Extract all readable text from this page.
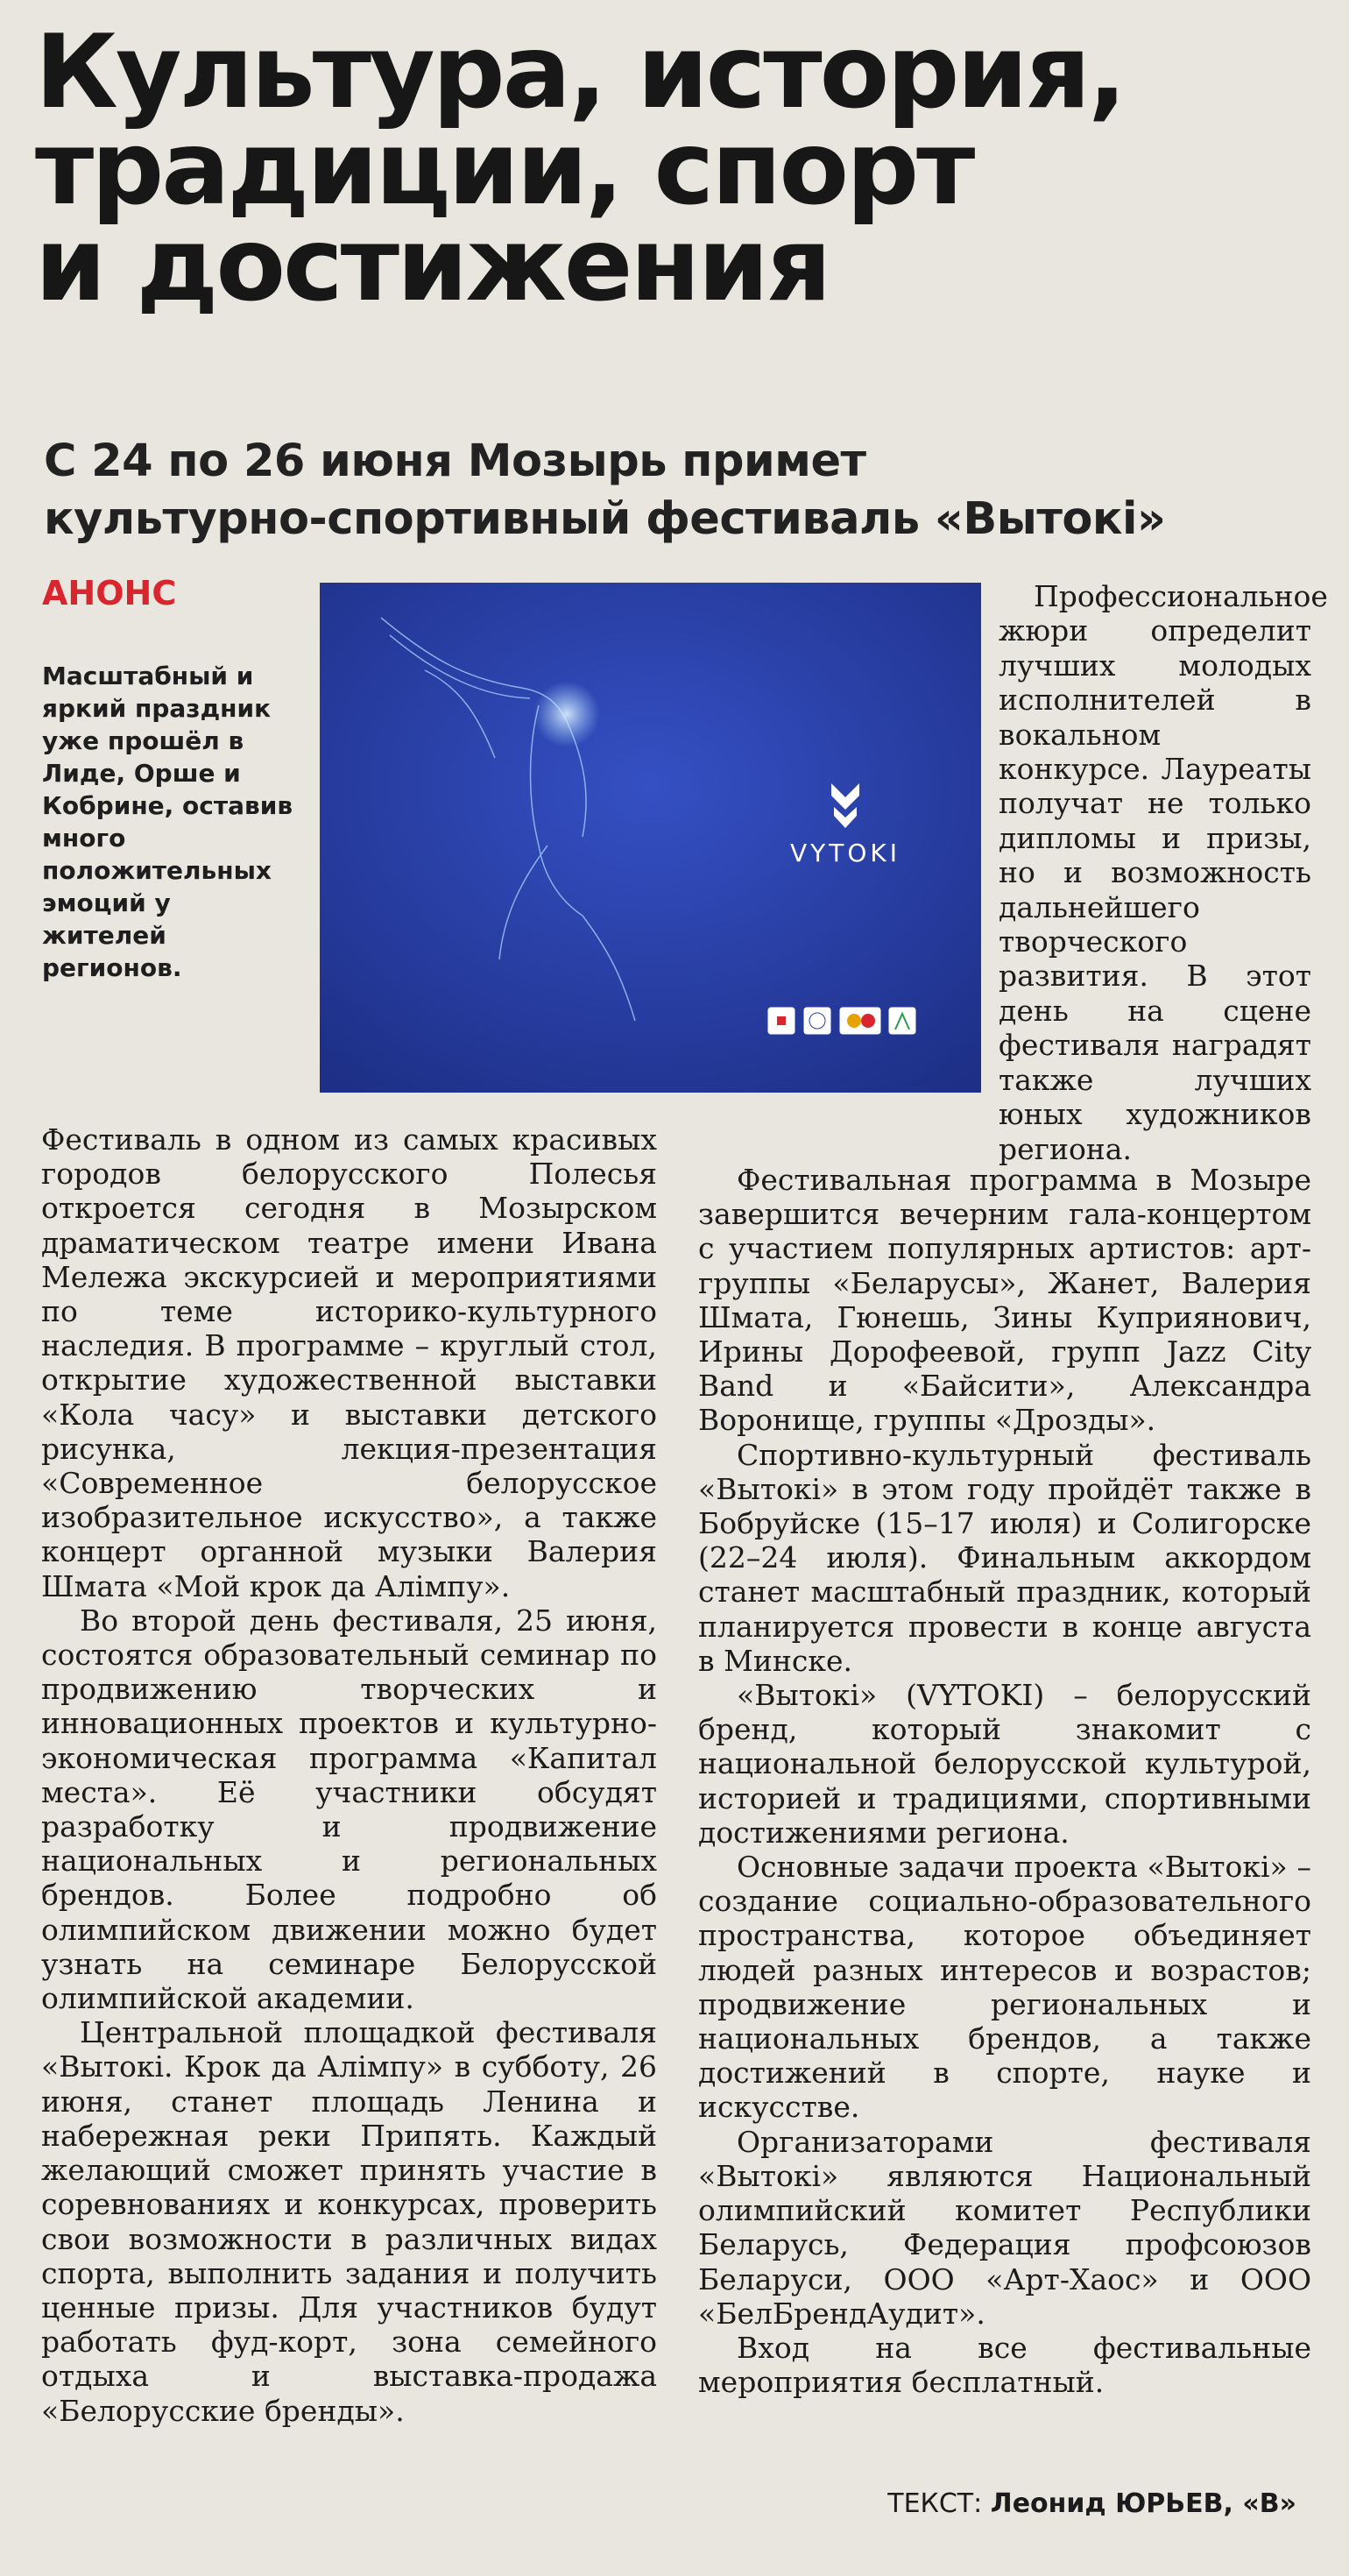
Культура, история,
традиции, спорт
и достижения
С 24 по 26 июня Мозырь примет
культурно-спортивный фестиваль «Вытокі»
АНОНС
Масштабный и яркий праздник уже прошёл в Лиде, Орше и Кобрине, оставив много положительных эмоций у жителей регионов.
VYTOKI

Профессиональное жюри определит лучших молодых исполнителей в вокальном конкурсе. Лауреаты получат не только дипломы и призы, но и возможность дальнейшего творческого развития. В этот день на сцене фестиваля наградят также лучших юных художников региона.

Фестиваль в одном из самых красивых городов белорусского Полесья откроется сегодня в Мозырском драматическом театре имени Ивана Мележа экскурсией и мероприятиями по теме историко-культурного наследия. В программе – круглый стол, открытие художественной выставки «Кола часу» и выставки детского рисунка, лекция-презентация «Современное белорусское изобразительное искусство», а также концерт органной музыки Валерия Шмата «Мой крок да Алімпу».

Во второй день фестиваля, 25 июня, состоятся образовательный семинар по продвижению творческих и инновационных проектов и культурно-экономическая программа «Капитал места». Её участники обсудят разработку и продвижение национальных и региональных брендов. Более подробно об олимпийском движении можно будет узнать на семинаре Белорусской олимпийской академии.

Центральной площадкой фестиваля «Вытокі. Крок да Алімпу» в субботу, 26 июня, станет площадь Ленина и набережная реки Припять. Каждый желающий сможет принять участие в соревнованиях и конкурсах, проверить свои возможности в различных видах спорта, выполнить задания и получить ценные призы. Для участников будут работать фуд-корт, зона семейного отдыха и выставка-продажа «Белорусские бренды».

Фестивальная программа в Мозыре завершится вечерним гала-концертом с участием популярных артистов: арт-группы «Беларусы», Жанет, Валерия Шмата, Гюнешь, Зины Куприянович, Ирины Дорофеевой, групп Jazz City Band и «Байсити», Александра Воронище, группы «Дрозды».

Спортивно-культурный фестиваль «Вытокі» в этом году пройдёт также в Бобруйске (15–17 июля) и Солигорске (22–24 июля). Финальным аккордом станет масштабный праздник, который планируется провести в конце августа в Минске.

«Вытокі» (VYTOKI) – белорусский бренд, который знакомит с национальной белорусской культурой, историей и традициями, спортивными достижениями региона.

Основные задачи проекта «Вытокі» – создание социально-образовательного пространства, которое объединяет людей разных интересов и возрастов; продвижение региональных и национальных брендов, а также достижений в спорте, науке и искусстве.

Организаторами фестиваля «Вытокі» являются Национальный олимпийский комитет Республики Беларусь, Федерация профсоюзов Беларуси, ООО «Арт-Хаос» и ООО «БелБрендАудит».

Вход на все фестивальные мероприятия бесплатный.

ТЕКСТ: Леонид ЮРЬЕВ, «В»
